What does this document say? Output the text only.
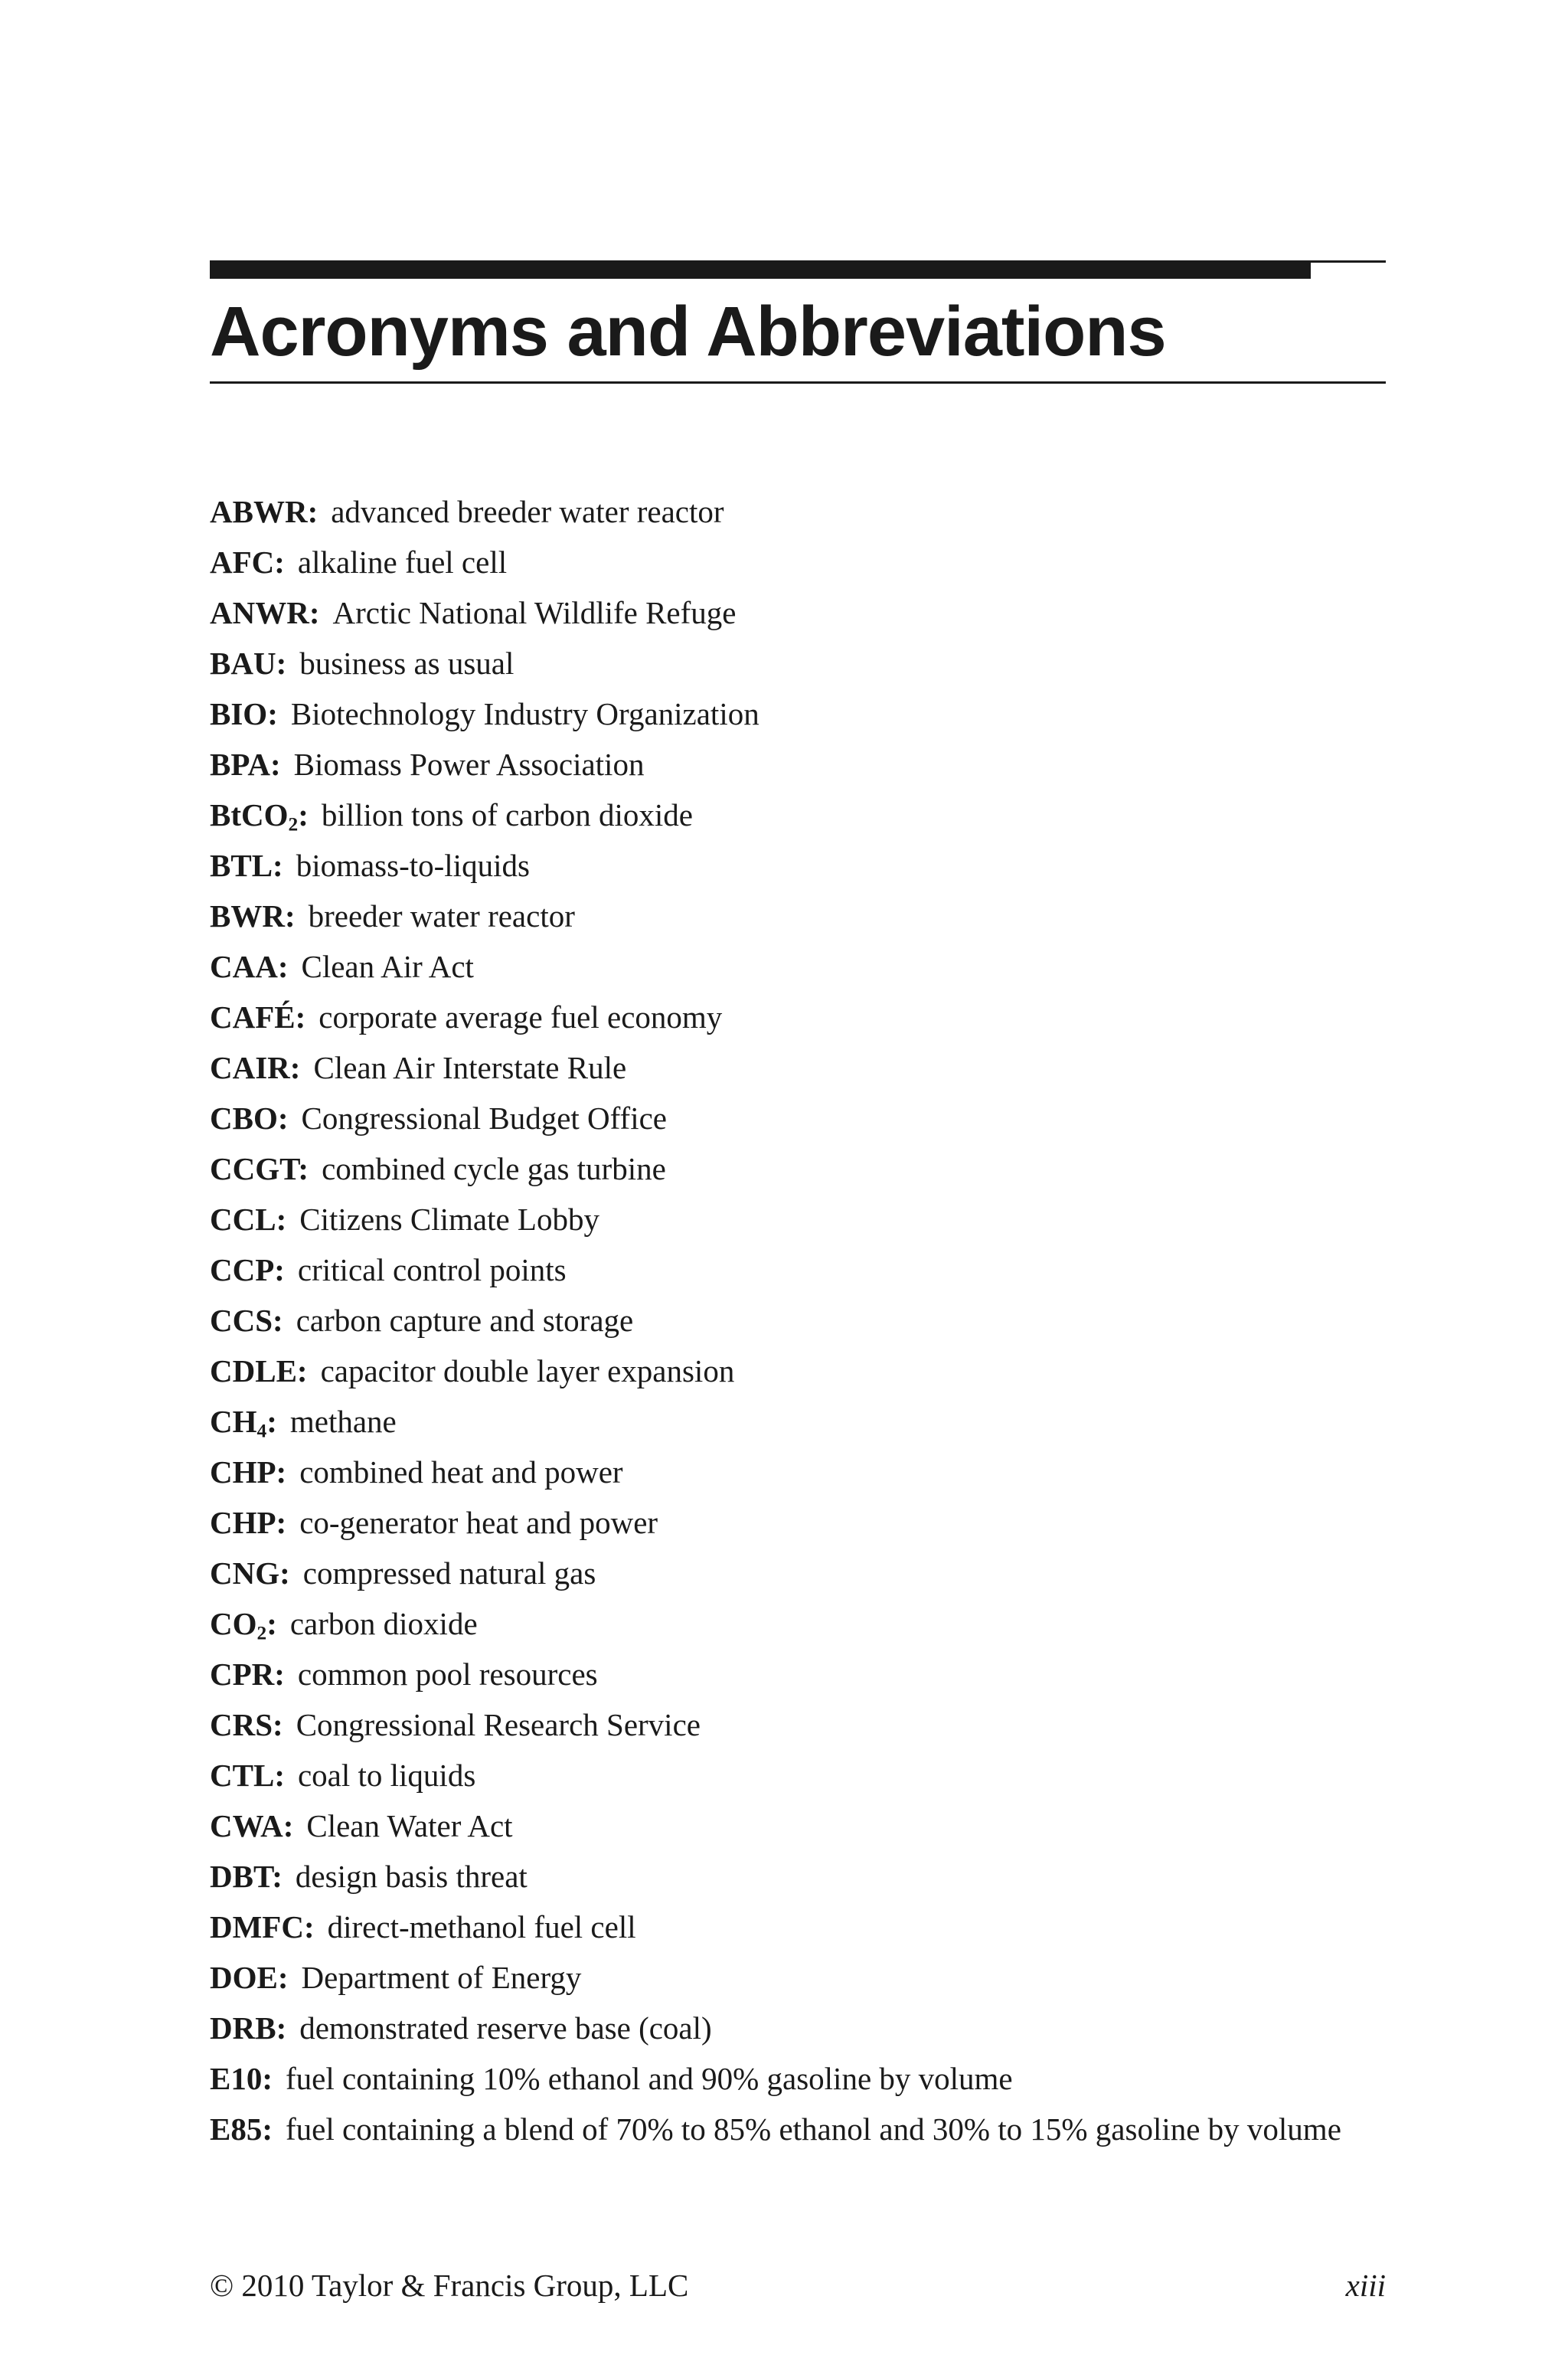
Acronyms and Abbreviations
ABWR: advanced breeder water reactor
AFC: alkaline fuel cell
ANWR: Arctic National Wildlife Refuge
BAU: business as usual
BIO: Biotechnology Industry Organization
BPA: Biomass Power Association
BtCO$_2$: billion tons of carbon dioxide
BTL: biomass-to-liquids
BWR: breeder water reactor
CAA: Clean Air Act
CAFÉ: corporate average fuel economy
CAIR: Clean Air Interstate Rule
CBO: Congressional Budget Office
CCGT: combined cycle gas turbine
CCL: Citizens Climate Lobby
CCP: critical control points
CCS: carbon capture and storage
CDLE: capacitor double layer expansion
$CH_4$: methane
CHP: combined heat and power
CHP: co-generator heat and power
CNG: compressed natural gas
$CO_2$: carbon dioxide
CPR: common pool resources
CRS: Congressional Research Service
CTL: coal to liquids
CWA: Clean Water Act
DBT: design basis threat
DMFC: direct-methanol fuel cell
DOE: Department of Energy
DRB: demonstrated reserve base (coal)
E10: fuel containing 10% ethanol and 90% gasoline by volume
E85: fuel containing a blend of 70% to 85% ethanol and 30% to 15% gasoline by volume
© 2010 Taylor & Francis Group, LLC	xiii
